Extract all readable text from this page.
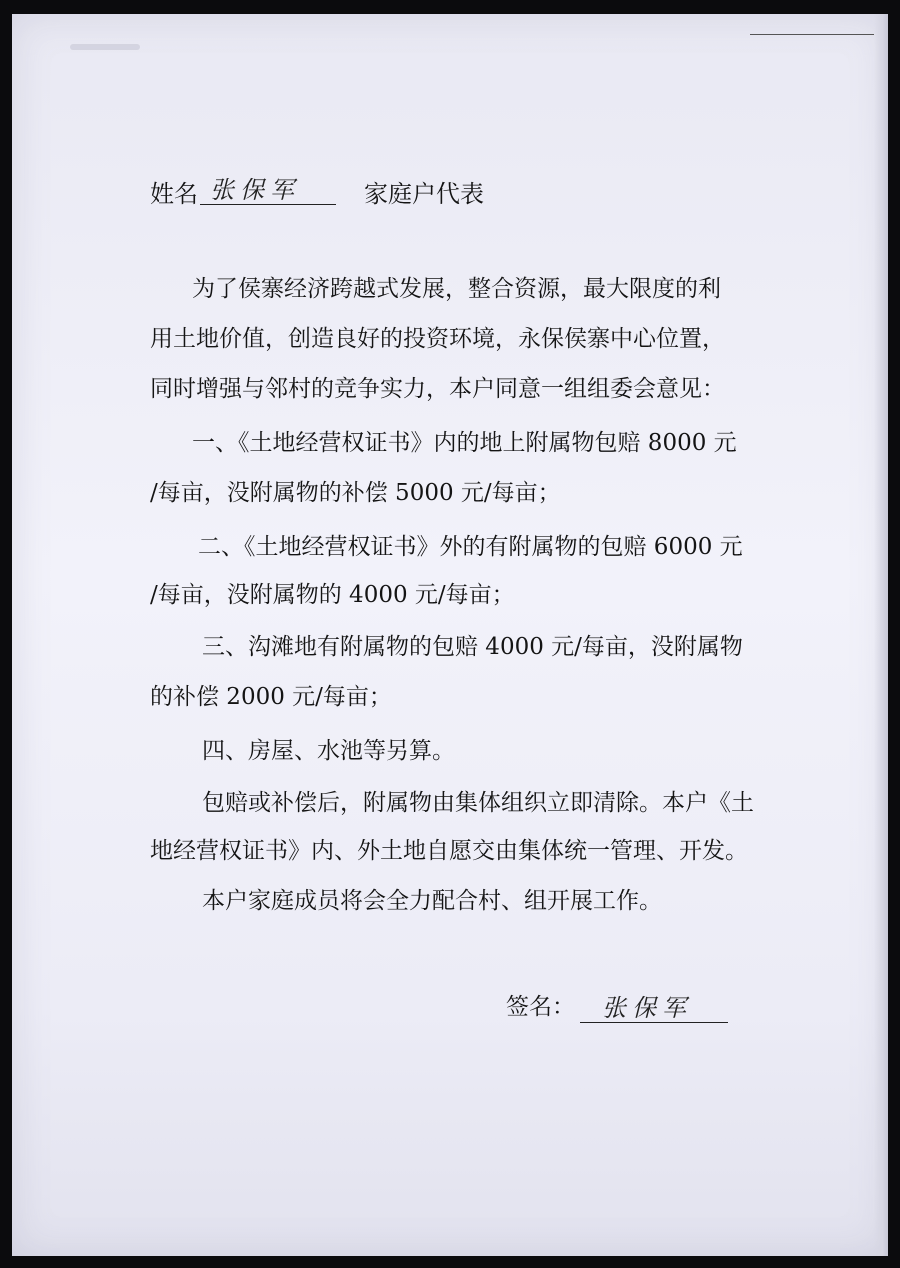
姓名 张保军	家庭户代表
为了侯寨经济跨越式发展，整合资源，最大限度的利
用土地价值，创造良好的投资环境，永保侯寨中心位置，
同时增强与邻村的竞争实力，本户同意一组组委会意见：
一、《土地经营权证书》内的地上附属物包赔 8000 元
/每亩，没附属物的补偿 5000 元/每亩；
二、《土地经营权证书》外的有附属物的包赔 6000 元
/每亩，没附属物的 4000 元/每亩；
三、沟滩地有附属物的包赔 4000 元/每亩，没附属物
的补偿 2000 元/每亩；
四、房屋、水池等另算。
包赔或补偿后，附属物由集体组织立即清除。本户《土
地经营权证书》内、外土地自愿交由集体统一管理、开发。
本户家庭成员将会全力配合村、组开展工作。
签名： 张保军
